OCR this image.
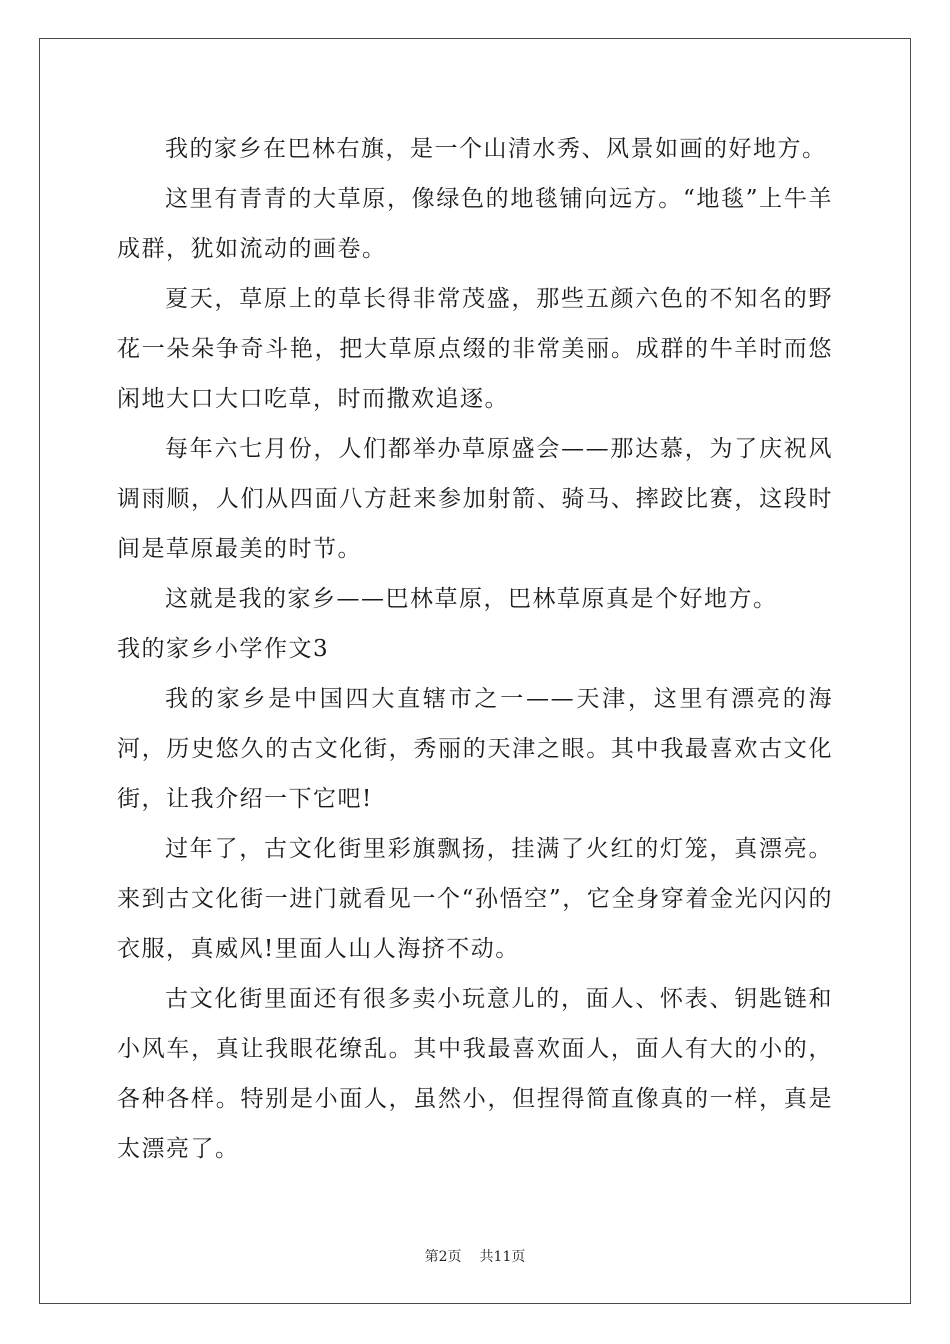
我的家乡在巴林右旗，是一个山清水秀、风景如画的好地方。

这里有青青的大草原，像绿色的地毯铺向远方。“地毯”上牛羊成群，犹如流动的画卷。

夏天，草原上的草长得非常茂盛，那些五颜六色的不知名的野花一朵朵争奇斗艳，把大草原点缀的非常美丽。成群的牛羊时而悠闲地大口大口吃草，时而撒欢追逐。

每年六七月份，人们都举办草原盛会——那达慕，为了庆祝风调雨顺，人们从四面八方赶来参加射箭、骑马、摔跤比赛，这段时间是草原最美的时节。

这就是我的家乡——巴林草原，巴林草原真是个好地方。

我的家乡小学作文3

我的家乡是中国四大直辖市之一——天津，这里有漂亮的海河，历史悠久的古文化街，秀丽的天津之眼。其中我最喜欢古文化街，让我介绍一下它吧!

过年了，古文化街里彩旗飘扬，挂满了火红的灯笼，真漂亮。来到古文化街一进门就看见一个“孙悟空”，它全身穿着金光闪闪的衣服，真威风!里面人山人海挤不动。

古文化街里面还有很多卖小玩意儿的，面人、怀表、钥匙链和小风车，真让我眼花缭乱。其中我最喜欢面人，面人有大的小的，各种各样。特别是小面人，虽然小，但捏得简直像真的一样，真是太漂亮了。

第2页 共11页
